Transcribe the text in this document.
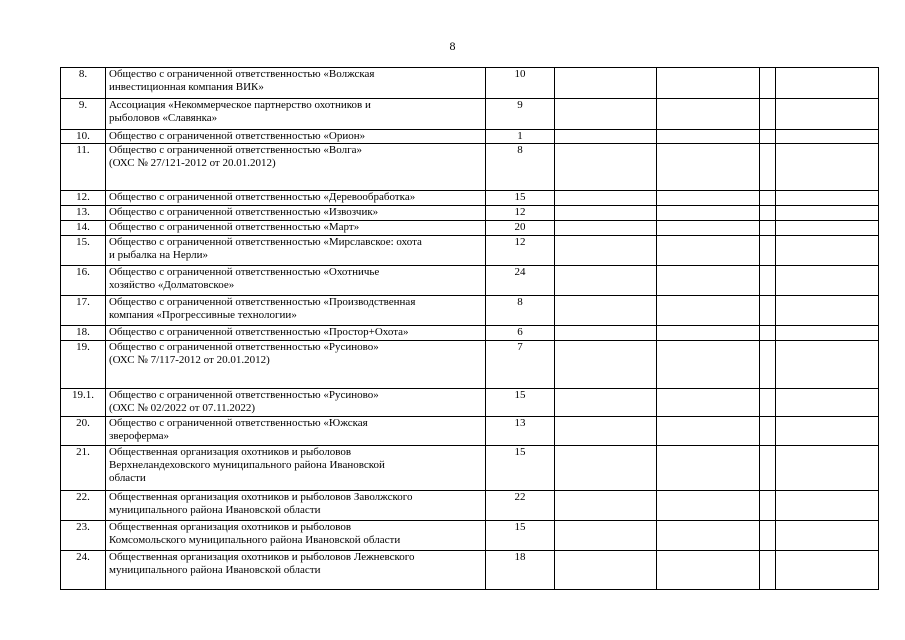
8
8.	Общество с ограниченной ответственностью «Волжская
инвестиционная компания ВИК»	10				
9.	Ассоциация «Некоммерческое партнерство охотников и
рыболовов «Славянка»	9				
10.	Общество с ограниченной ответственностью «Орион»	1				
11.	Общество с ограниченной ответственностью «Волга»
(ОХС № 27/121-2012 от 20.01.2012)	8				
12.	Общество с ограниченной ответственностью «Деревообработка»	15				
13.	Общество с ограниченной ответственностью «Извозчик»	12				
14.	Общество с ограниченной ответственностью «Март»	20				
15.	Общество с ограниченной ответственностью «Мирславское: охота
и рыбалка на Нерли»	12				
16.	Общество с ограниченной ответственностью «Охотничье
хозяйство «Долматовское»	24				
17.	Общество с ограниченной ответственностью «Производственная
компания «Прогрессивные технологии»	8				
18.	Общество с ограниченной ответственностью «Простор+Охота»	6				
19.	Общество с ограниченной ответственностью «Русиново»
(ОХС № 7/117-2012 от 20.01.2012)	7				
19.1.	Общество с ограниченной ответственностью «Русиново»
(ОХС № 02/2022 от 07.11.2022)	15				
20.	Общество с ограниченной ответственностью «Южская
звероферма»	13				
21.	Общественная организация охотников и рыболовов
Верхнеландеховского муниципального района Ивановской
области	15				
22.	Общественная организация охотников и рыболовов Заволжского
муниципального района Ивановской области	22				
23.	Общественная организация охотников и рыболовов
Комсомольского муниципального района Ивановской области	15				
24.	Общественная организация охотников и рыболовов Лежневского
муниципального района Ивановской области	18				
